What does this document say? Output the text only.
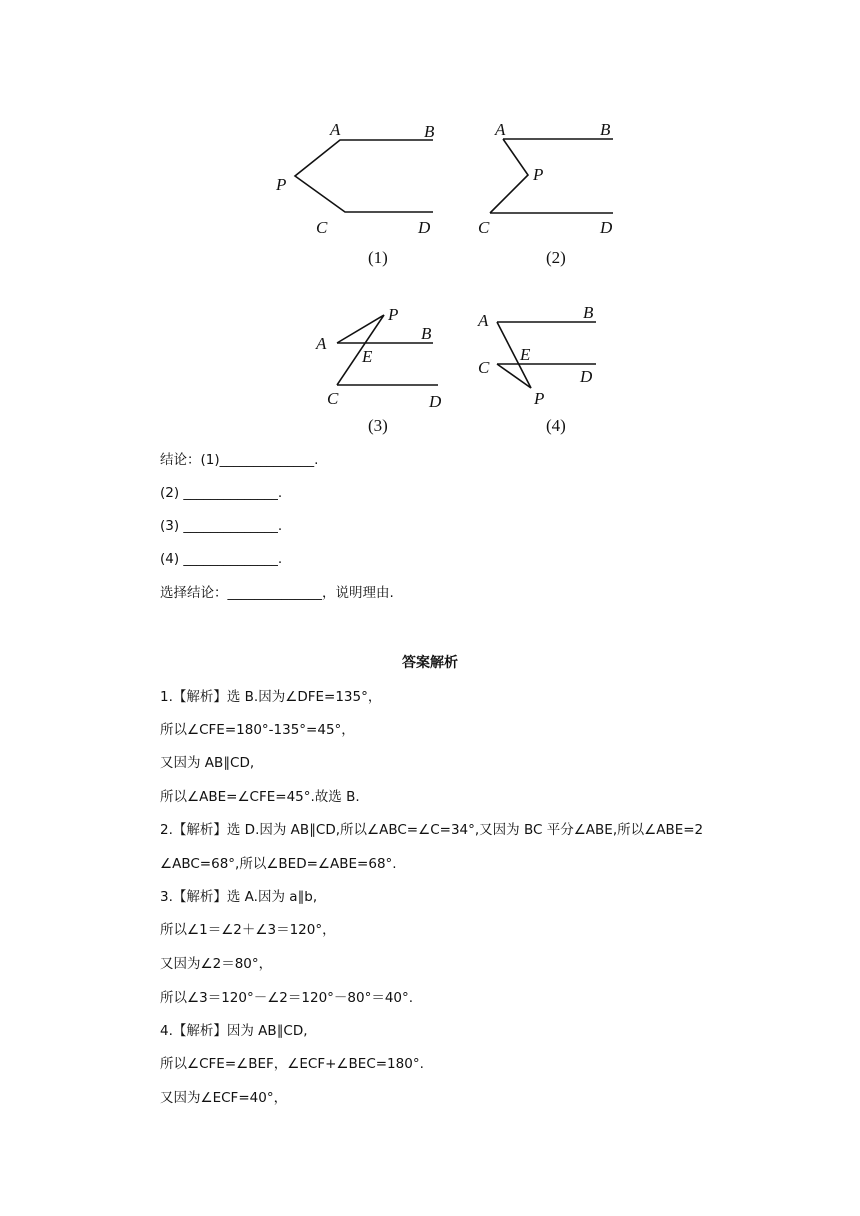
A	B
P
C	D
(1)
A	B
P
C	D
(2)
A
P
B
E
C	D
(3)
A	B
C
E
D
P
(4)

结论：(1)______________.

(2) ______________.

(3) ______________.

(4) ______________.

选择结论：______________，说明理由.

答案解析

1.【解析】选 B.因为∠DFE=135°，

所以∠CFE=180°-135°=45°，

又因为 AB∥CD,

所以∠ABE=∠CFE=45°.故选 B.

2.【解析】选 D.因为 AB∥CD,所以∠ABC=∠C=34°,又因为 BC 平分∠ABE,所以∠ABE=2

∠ABC=68°,所以∠BED=∠ABE=68°.

3.【解析】选 A.因为 a∥b,

所以∠1＝∠2＋∠3＝120°，

又因为∠2＝80°，

所以∠3＝120°－∠2＝120°－80°＝40°.

4.【解析】因为 AB∥CD,

所以∠CFE=∠BEF，∠ECF+∠BEC=180°.

又因为∠ECF=40°，
